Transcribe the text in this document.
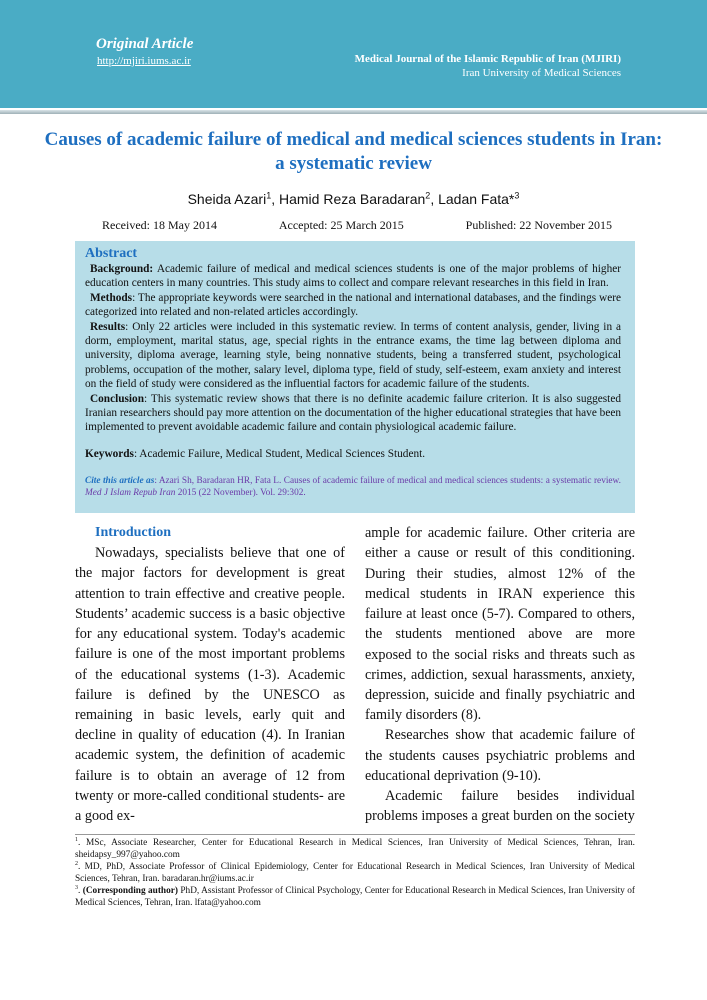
Original Article
http://mjiri.iums.ac.ir	Medical Journal of the Islamic Republic of Iran (MJIRI)
Iran University of Medical Sciences
Causes of academic failure of medical and medical sciences students in Iran: a systematic review
Sheida Azari$^1$, Hamid Reza Baradaran$^2$, Ladan Fata*$^3$
Received: 18 May 2014	Accepted: 25 March 2015	Published: 22 November 2015
Abstract

Background: Academic failure of medical and medical sciences students is one of the major problems of higher education centers in many countries. This study aims to collect and compare relevant researches in this field in Iran.

Methods: The appropriate keywords were searched in the national and international databases, and the findings were categorized into related and non-related articles accordingly.

Results: Only 22 articles were included in this systematic review. In terms of content analysis, gender, living in a dorm, employment, marital status, age, special rights in the entrance exams, the time lag between diploma and university, diploma average, learning style, being nonnative students, being a transferred student, psychological problems, occupation of the mother, salary level, diploma type, field of study, self-esteem, exam anxiety and interest on the field of study were considered as the influential factors for academic failure of the students.

Conclusion: This systematic review shows that there is no definite academic failure criterion. It is also suggested Iranian researchers should pay more attention on the documentation of the higher educational strategies that have been implemented to prevent avoidable academic failure and contain physiological academic failure.

Keywords: Academic Failure, Medical Student, Medical Sciences Student.

Cite this article as: Azari Sh, Baradaran HR, Fata L. Causes of academic failure of medical and medical sciences students: a systematic review. Med J Islam Repub Iran 2015 (22 November). Vol. 29:302.

Introduction

Nowadays, specialists believe that one of the major factors for development is great attention to train effective and creative people. Students’ academic success is a basic objective for any educational system. Today's academic failure is one of the most important problems of the educational systems (1-3). Academic failure is defined by the UNESCO as remaining in basic levels, early quit and decline in quality of education (4). In Iranian academic system, the definition of academic failure is to obtain an average of 12 from twenty or more-called conditional students- are a good ex-

ample for academic failure. Other criteria are either a cause or result of this conditioning. During their studies, almost 12% of the medical students in IRAN experience this failure at least once (5-7). Compared to others, the students mentioned above are more exposed to the social risks and threats such as crimes, addiction, sexual harassments, anxiety, depression, suicide and finally psychiatric and family disorders (8).

Researches show that academic failure of the students causes psychiatric problems and educational deprivation (9-10).

Academic failure besides individual problems imposes a great burden on the society

$^1$. MSc, Associate Researcher, Center for Educational Research in Medical Sciences, Iran University of Medical Sciences, Tehran, Iran. sheidapsy_997@yahoo.com

$^2$. MD, PhD, Associate Professor of Clinical Epidemiology, Center for Educational Research in Medical Sciences, Iran University of Medical Sciences, Tehran, Iran. baradaran.hr@iums.ac.ir

$^3$. (Corresponding author) PhD, Assistant Professor of Clinical Psychology, Center for Educational Research in Medical Sciences, Iran University of Medical Sciences, Tehran, Iran. lfata@yahoo.com
